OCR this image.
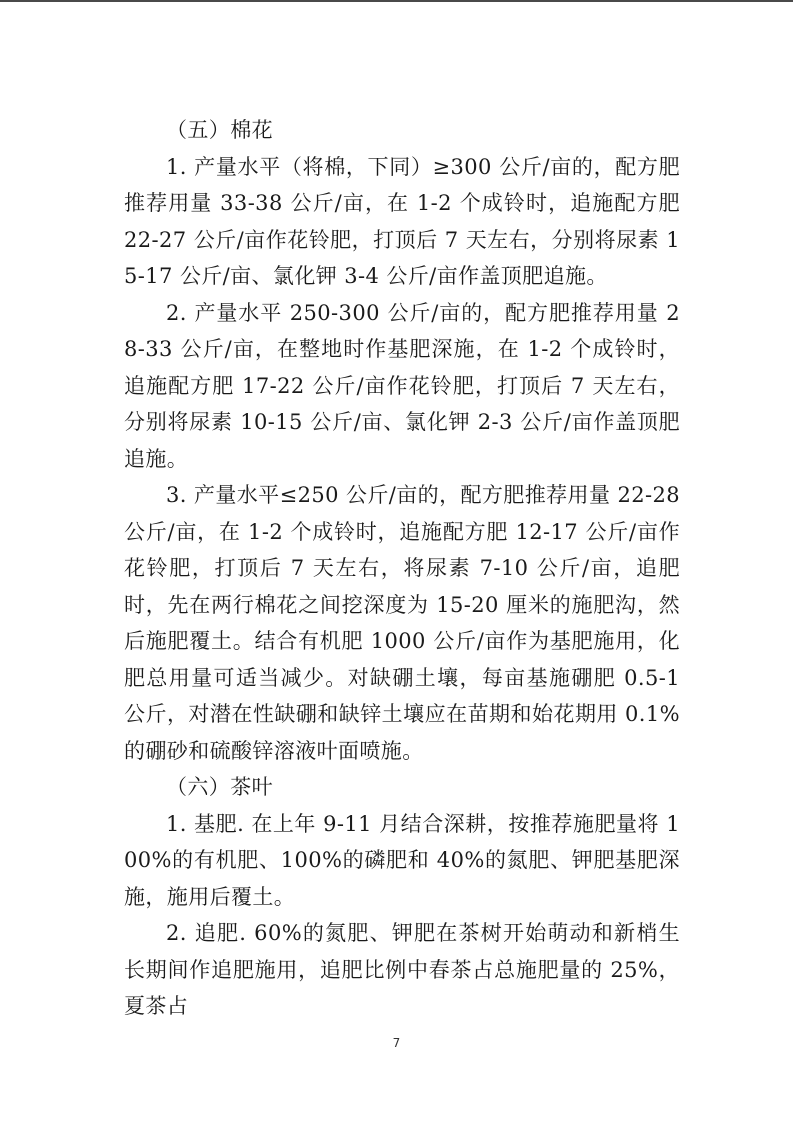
（五）棉花

1. 产量水平（将棉，下同）≥300 公斤/亩的，配方肥推荐用量 33-38 公斤/亩，在 1-2 个成铃时，追施配方肥 22-27 公斤/亩作花铃肥，打顶后 7 天左右，分别将尿素 15-17 公斤/亩、氯化钾 3-4 公斤/亩作盖顶肥追施。

2. 产量水平 250-300 公斤/亩的，配方肥推荐用量 28-33 公斤/亩，在整地时作基肥深施，在 1-2 个成铃时，追施配方肥 17-22 公斤/亩作花铃肥，打顶后 7 天左右，分别将尿素 10-15 公斤/亩、氯化钾 2-3 公斤/亩作盖顶肥追施。

3. 产量水平≤250 公斤/亩的，配方肥推荐用量 22-28 公斤/亩，在 1-2 个成铃时，追施配方肥 12-17 公斤/亩作花铃肥，打顶后 7 天左右，将尿素 7-10 公斤/亩，追肥时，先在两行棉花之间挖深度为 15-20 厘米的施肥沟，然后施肥覆土。结合有机肥 1000 公斤/亩作为基肥施用，化肥总用量可适当减少。对缺硼土壤，每亩基施硼肥 0.5-1 公斤，对潜在性缺硼和缺锌土壤应在苗期和始花期用 0.1%的硼砂和硫酸锌溶液叶面喷施。

（六）茶叶

1. 基肥. 在上年 9-11 月结合深耕，按推荐施肥量将 100%的有机肥、100%的磷肥和 40%的氮肥、钾肥基肥深施，施用后覆土。

2. 追肥. 60%的氮肥、钾肥在茶树开始萌动和新梢生长期间作追肥施用，追肥比例中春茶占总施肥量的 25%，夏茶占

7
